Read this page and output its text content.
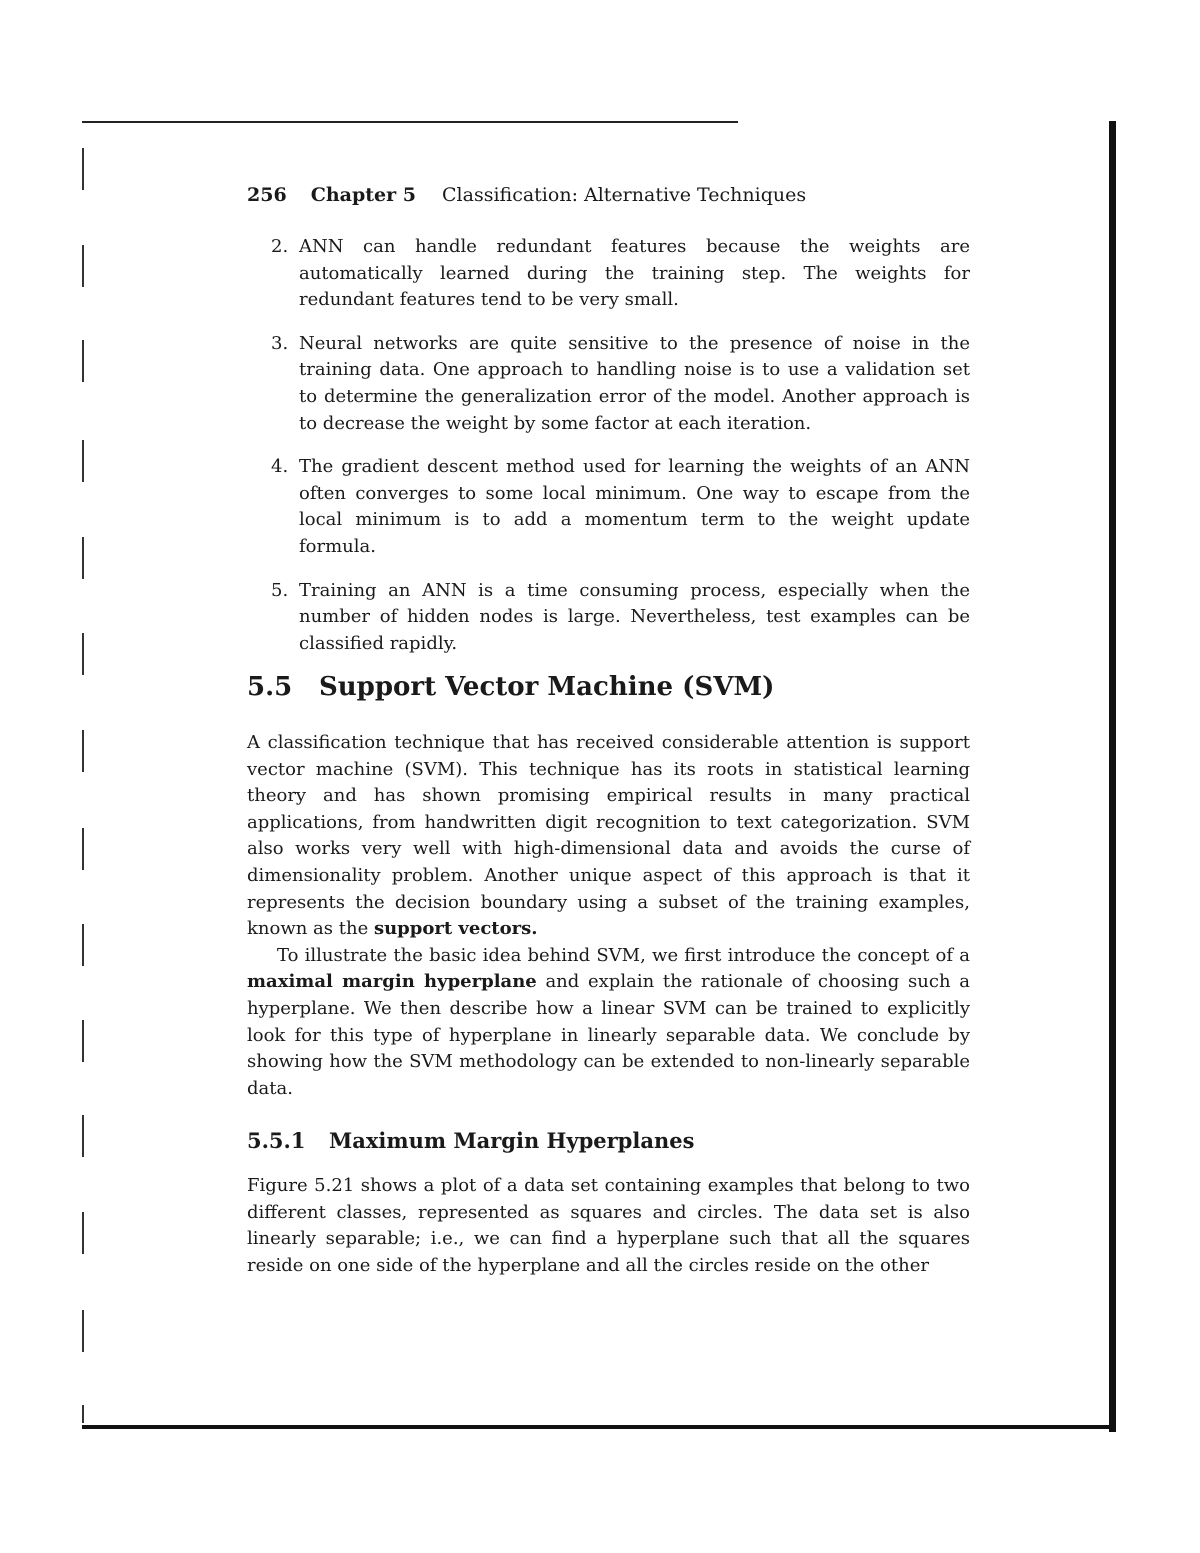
256 Chapter 5 Classification: Alternative Techniques
2. ANN can handle redundant features because the weights are automatically learned during the training step. The weights for redundant features tend to be very small.
3. Neural networks are quite sensitive to the presence of noise in the training data. One approach to handling noise is to use a validation set to determine the generalization error of the model. Another approach is to decrease the weight by some factor at each iteration.
4. The gradient descent method used for learning the weights of an ANN often converges to some local minimum. One way to escape from the local minimum is to add a momentum term to the weight update formula.
5. Training an ANN is a time consuming process, especially when the number of hidden nodes is large. Nevertheless, test examples can be classified rapidly.
5.5 Support Vector Machine (SVM)

A classification technique that has received considerable attention is support vector machine (SVM). This technique has its roots in statistical learning theory and has shown promising empirical results in many practical applications, from handwritten digit recognition to text categorization. SVM also works very well with high-dimensional data and avoids the curse of dimensionality problem. Another unique aspect of this approach is that it represents the decision boundary using a subset of the training examples, known as the support vectors.

To illustrate the basic idea behind SVM, we first introduce the concept of a maximal margin hyperplane and explain the rationale of choosing such a hyperplane. We then describe how a linear SVM can be trained to explicitly look for this type of hyperplane in linearly separable data. We conclude by showing how the SVM methodology can be extended to non-linearly separable data.

5.5.1 Maximum Margin Hyperplanes

Figure 5.21 shows a plot of a data set containing examples that belong to two different classes, represented as squares and circles. The data set is also linearly separable; i.e., we can find a hyperplane such that all the squares reside on one side of the hyperplane and all the circles reside on the other
